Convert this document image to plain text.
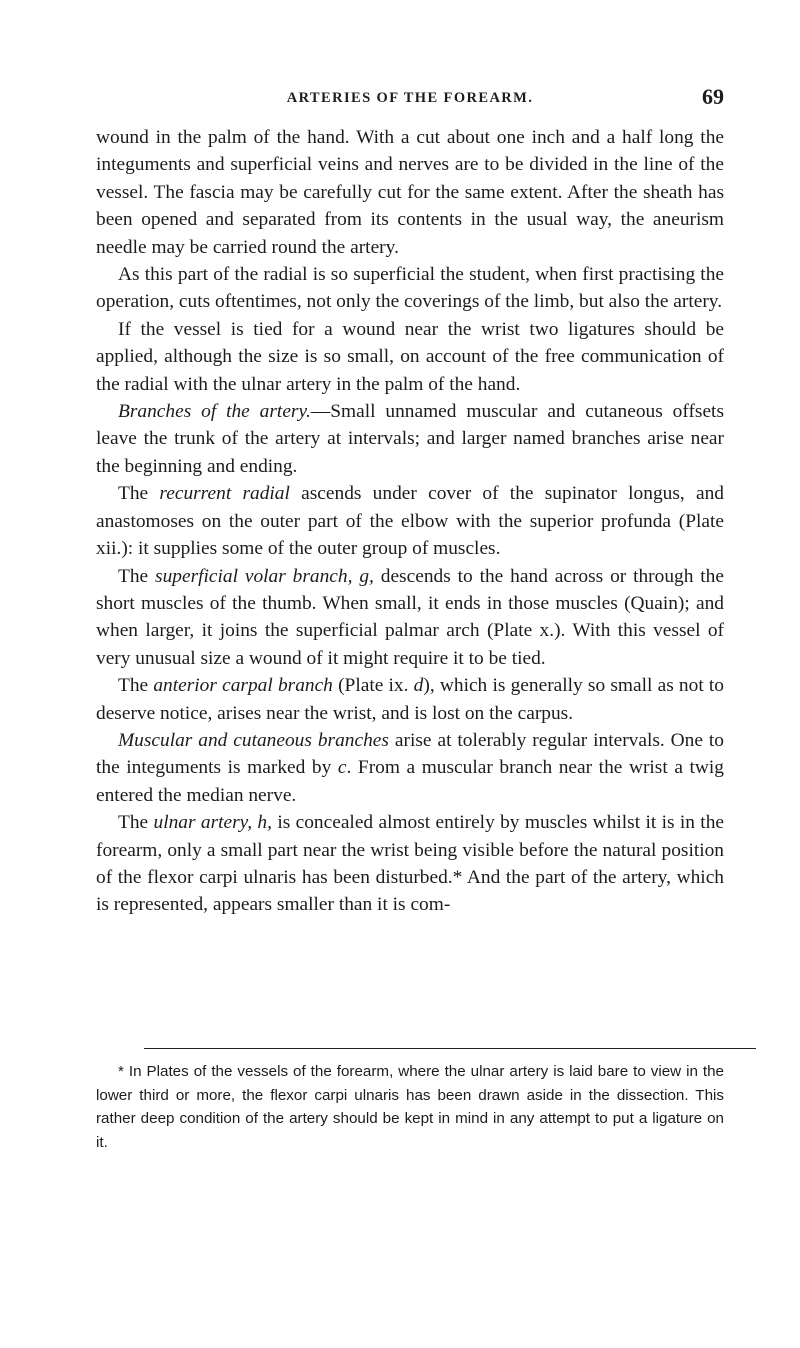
ARTERIES OF THE FOREARM.	69

wound in the palm of the hand. With a cut about one inch and a half long the integuments and superficial veins and nerves are to be divided in the line of the vessel. The fascia may be carefully cut for the same extent. After the sheath has been opened and separated from its contents in the usual way, the aneurism needle may be carried round the artery.

As this part of the radial is so superficial the student, when first practising the operation, cuts oftentimes, not only the coverings of the limb, but also the artery.

If the vessel is tied for a wound near the wrist two ligatures should be applied, although the size is so small, on account of the free communication of the radial with the ulnar artery in the palm of the hand.

Branches of the artery.—Small unnamed muscular and cutaneous offsets leave the trunk of the artery at intervals; and larger named branches arise near the beginning and ending.

The recurrent radial ascends under cover of the supinator longus, and anastomoses on the outer part of the elbow with the superior profunda (Plate xii.): it supplies some of the outer group of muscles.

The superficial volar branch, g, descends to the hand across or through the short muscles of the thumb. When small, it ends in those muscles (Quain); and when larger, it joins the superficial palmar arch (Plate x.). With this vessel of very unusual size a wound of it might require it to be tied.

The anterior carpal branch (Plate ix. d), which is generally so small as not to deserve notice, arises near the wrist, and is lost on the carpus.

Muscular and cutaneous branches arise at tolerably regular intervals. One to the integuments is marked by c. From a muscular branch near the wrist a twig entered the median nerve.

The ulnar artery, h, is concealed almost entirely by muscles whilst it is in the forearm, only a small part near the wrist being visible before the natural position of the flexor carpi ulnaris has been disturbed.* And the part of the artery, which is represented, appears smaller than it is com-

* In Plates of the vessels of the forearm, where the ulnar artery is laid bare to view in the lower third or more, the flexor carpi ulnaris has been drawn aside in the dissection. This rather deep condition of the artery should be kept in mind in any attempt to put a ligature on it.
